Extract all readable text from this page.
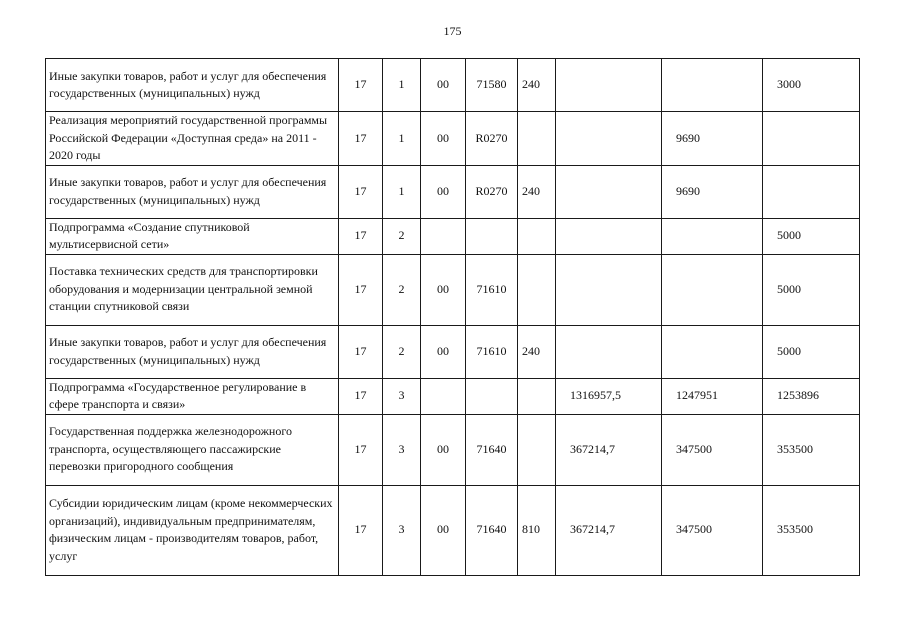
175
Иные закупки товаров, работ и услуг для обеспечения государственных (муниципальных) нужд	17	1	00	71580	240			3000
Реализация мероприятий государственной программы Российской Федерации «Доступная среда» на 2011 - 2020 годы	17	1	00	R0270			9690	
Иные закупки товаров, работ и услуг для обеспечения государственных (муниципальных) нужд	17	1	00	R0270	240		9690	
Подпрограмма «Создание спутниковой мультисервисной сети»	17	2						5000
Поставка технических средств для транспортировки оборудования и модернизации центральной земной станции спутниковой связи	17	2	00	71610				5000
Иные закупки товаров, работ и услуг для обеспечения государственных (муниципальных) нужд	17	2	00	71610	240			5000
Подпрограмма «Государственное регулирование в сфере транспорта и связи»	17	3				1316957,5	1247951	1253896
Государственная поддержка железнодорожного транспорта, осуществляющего пассажирские перевозки пригородного сообщения	17	3	00	71640		367214,7	347500	353500
Субсидии юридическим лицам (кроме некоммерческих организаций), индивидуальным предпринимателям, физическим лицам - производителям товаров, работ, услуг	17	3	00	71640	810	367214,7	347500	353500
